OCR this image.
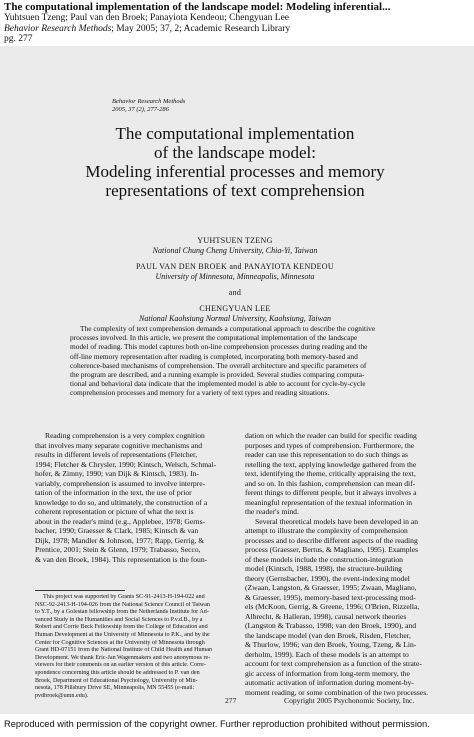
The computational implementation of the landscape model: Modeling inferential...
Yuhtsuen Tzeng; Paul van den Broek; Panayiota Kendeou; Chengyuan Lee
Behavior Research Methods; May 2005; 37, 2; Academic Research Library
pg. 277
Behavior Research Methods
2005, 37 (2), 277-286
The computational implementation
of the landscape model:
Modeling inferential processes and memory
representations of text comprehension
YUHTSUEN TZENG
National Chung Cheng University, Chia-Yi, Taiwan
PAUL VAN DEN BROEK and PANAYIOTA KENDEOU
University of Minnesota, Minneapolis, Minnesota
and
CHENGYUAN LEE
National Kaohsiung Normal University, Kaohsiung, Taiwan
The complexity of text comprehension demands a computational approach to describe the cognitive
processes involved. In this article, we present the computational implementation of the landscape
model of reading. This model captures both on-line comprehension processes during reading and the
off-line memory representation after reading is completed, incorporating both memory-based and
coherence-based mechanisms of comprehension. The overall architecture and specific parameters of
the program are described, and a running example is provided. Several studies comparing computa-
tional and behavioral data indicate that the implemented model is able to account for cycle-by-cycle
comprehension processes and memory for a variety of text types and reading situations.
Reading comprehension is a very complex cognition
that involves many separate cognitive mechanisms and
results in different levels of representations (Fletcher,
1994; Fletcher & Chrysler, 1990; Kintsch, Welsch, Schmal-
hofer, & Zimny, 1990; van Dijk & Kintsch, 1983). In-
variably, comprehension is assumed to involve interpre-
tation of the information in the text, the use of prior
knowledge to do so, and ultimately, the construction of a
coherent representation or picture of what the text is
about in the reader's mind (e.g., Applebee, 1978; Gerns-
bacher, 1990; Graesser & Clark, 1985; Kintsch & van
Dijk, 1978; Mandler & Johnson, 1977; Rapp, Gerrig, &
Prentice, 2001; Stein & Glenn, 1979; Trabasso, Secco,
& van den Broek, 1984). This representation is the foun-
This project was supported by Grants SC-91-2413-H-194-022 and
NSC-92-2413-H-194-026 from the National Science Council of Taiwan
to Y.T., by a Golestan fellowship from the Netherlands Institute for Ad-
vanced Study in the Humanities and Social Sciences to P.v.d.B., by a
Robert and Corrie Beck Fellowship from the College of Education and
Human Development at the University of Minnesota to P.K., and by the
Center for Cognitive Sciences at the University of Minnesota through
Grant HD-07151 from the National Institute of Child Health and Human
Development. We thank Eric-Jan Wagenmakers and two anonymous re-
viewers for their comments on an earlier version of this article. Corre-
spondence concerning this article should be addressed to P. van den
Broek, Department of Educational Psychology, University of Min-
nesota, 178 Pillsbury Drive SE, Minneapolis, MN 55455 (e-mail:
pvdbroek@umn.edu).
dation on which the reader can build for specific reading
purposes and types of comprehension. Furthermore, the
reader can use this representation to do such things as
retelling the text, applying knowledge gathered from the
text, identifying the theme, critically appraising the text,
and so on. In this fashion, comprehension can mean dif-
ferent things to different people, but it always involves a
meaningful representation of the textual information in
the reader's mind.
Several theoretical models have been developed in an
attempt to illustrate the complexity of comprehension
processes and to describe different aspects of the reading
process (Graesser, Bertus, & Magliano, 1995). Examples
of these models include the construction-integration
model (Kintsch, 1988, 1998), the structure-building
theory (Gernsbacher, 1990), the event-indexing model
(Zwaan, Langston, & Graesser, 1995; Zwaan, Magliano,
& Graesser, 1995), memory-based text-processing mod-
els (McKoon, Gerrig, & Greene, 1996; O'Brien, Rizzella,
Albrecht, & Halleran, 1998), causal network theories
(Langston & Trabasso, 1998; van den Broek, 1990), and
the landscape model (van den Broek, Risden, Fletcher,
& Thurlow, 1996; van den Broek, Young, Tzeng, & Lin-
derholm, 1999). Each of these models is an attempt to
account for text comprehension as a function of the strate-
gic access of information from long-term memory, the
automatic activation of information during moment-by-
moment reading, or some combination of the two processes.
277	Copyright 2005 Psychonomic Society, Inc.
Reproduced with permission of the copyright owner. Further reproduction prohibited without permission.
